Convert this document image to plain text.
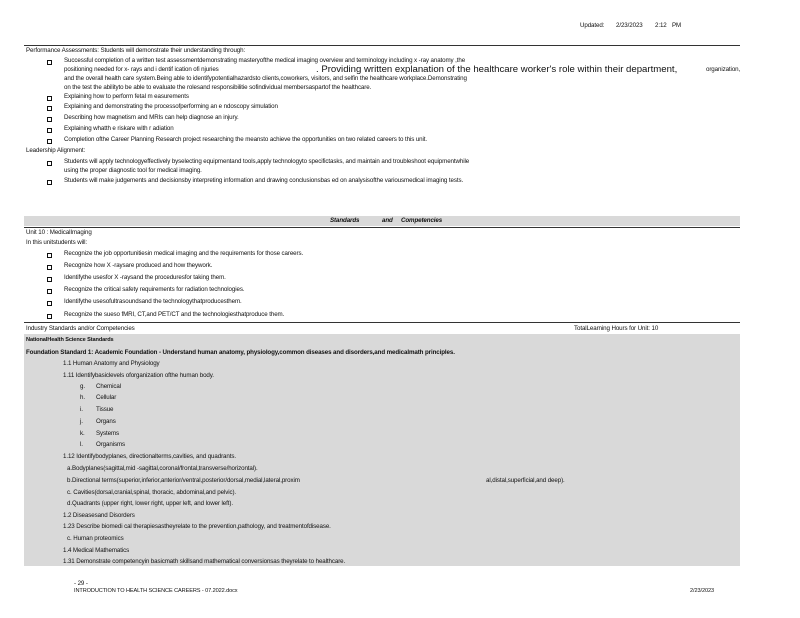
Updated: 2/23/2023 2:12 PM
Performance Assessments: Students will demonstrate their understanding through:
Successful completion of a written test assessmentdemonstrating masteryofthe medical imaging overview and terminology including x -ray anatomy ,the
positioning needed for x- rays and i dentif ication ofi njuries	. Providing written explanation of the healthcare worker's role within their department,	organization,
and the overall health care system.Being able to identifypotentialhazardsto clients,coworkers, visitors, and selfin the healthcare workplace.Demonstrating
on the test the abilityto be able to evaluate the rolesand responsibilitie sofindividual membersaspartof the healthcare.
Explaining how to perform fetal m easurements
Explaining and demonstrating the processofperforming an e ndoscopy simulation
Describing how magnetism and MRIs can help diagnose an injury.
Explaining whatth e riskare with r adiation
Completion ofthe Career Planning Research project researching the meansto achieve the opportunities on two related careers to this unit.
Leadership Alignment:
Students will apply technologyeffectively byselecting equipmentand tools,apply technologyto specifictasks, and maintain and troubleshoot equipmentwhile
using the proper diagnostic tool for medical imaging.
Students will make judgements and decisionsby interpreting information and drawing conclusionsbas ed on analysisofthe variousmedical imaging tests.
Standards	and Competencies
Unit 10 : MedicalImaging
In this unitstudents will:
Recognize the job opportunitiesin medical imaging and the requirements for those careers.
Recognize how X -raysare produced and how theywork.
Identifythe usesfor X -raysand the proceduresfor taking them.
Recognize the critical safety requirements for radiation technologies.
Identifythe usesofultrasoundsand the technologythatproducesthem.
Recognize the sueso fMRI, CT,and PET/CT and the technologiesthatproduce them.
Industry Standards and/or Competencies	TotalLearning Hours for Unit: 10
NationalHealth Science Standards
Foundation Standard 1: Academic Foundation - Understand human anatomy, physiology,common diseases and disorders,and medicalmath principles.
1.1 Human Anatomy and Physiology
1.11 Identifybasiclevels oforganization ofthe human body.
g. Chemical
h. Cellular
i. Tissue
j. Organs
k. Systems
l. Organisms
1.12 Identifybodyplanes, directionalterms,cavities, and quadrants.
a.Bodyplanes(sagittal,mid -sagittal,coronal/frontal,transverse/horizontal).
b.Directional terms(superior,inferior,anterior/ventral,posterior/dorsal,medial,lateral,proxim	al,distal,superficial,and deep).
c. Cavities(dorsal,cranial,spinal, thoracic, abdominal,and pelvic).
d.Quadrants (upper right, lower right, upper left, and lower left).
1.2 Diseasesand Disorders
1.23 Describe biomedi cal therapiesastheyrelate to the prevention,pathology, and treatmentofdisease.
c. Human proteomics
1.4 Medical Mathematics
1.31 Demonstrate competencyin basicmath skillsand mathematical conversionsas theyrelate to healthcare.
- 29 -
INTRODUCTION TO HEALTH SCIENCE CAREERS - 07.2022.docx	2/23/2023
